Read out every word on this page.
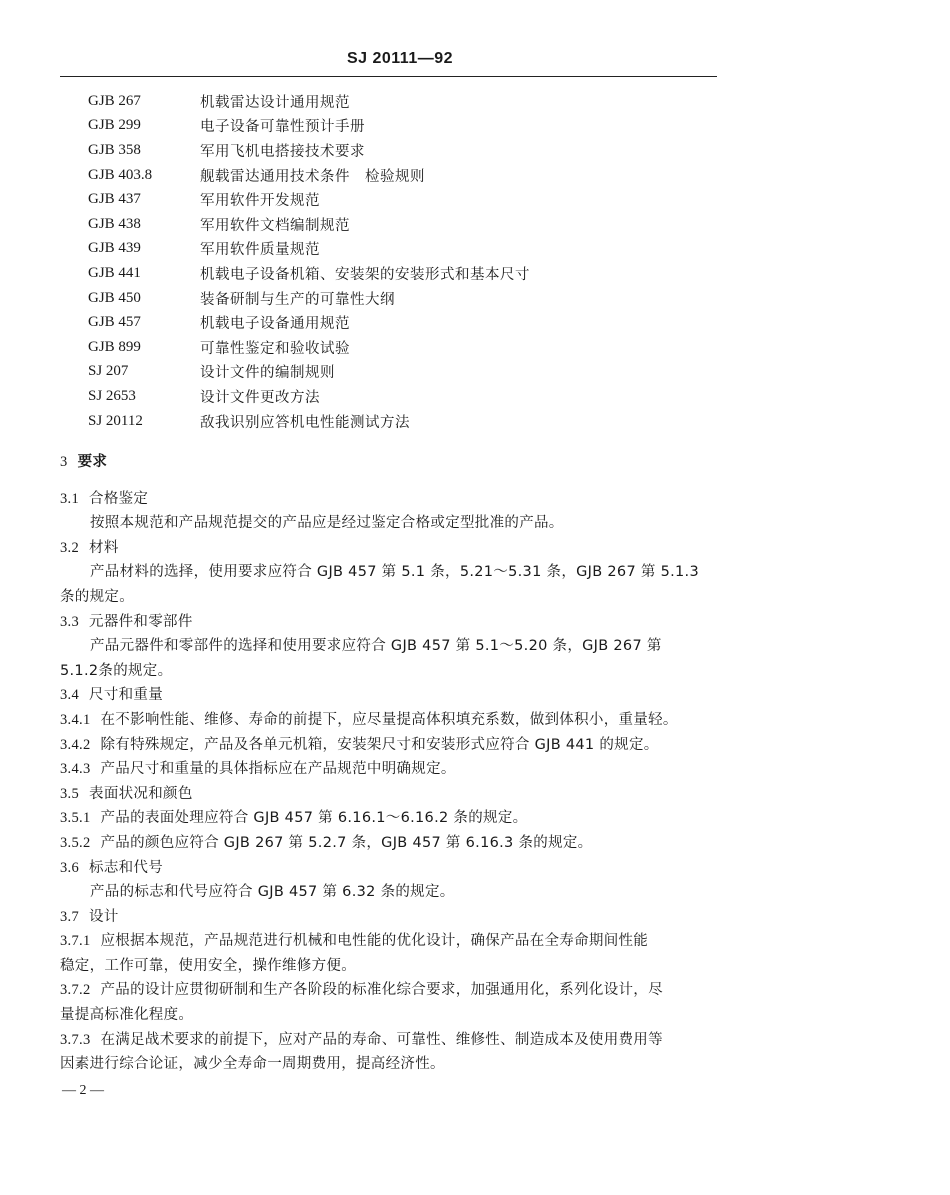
SJ 20111—92
GJB 267	机载雷达设计通用规范
GJB 299	电子设备可靠性预计手册
GJB 358	军用飞机电搭接技术要求
GJB 403.8	舰载雷达通用技术条件　检验规则
GJB 437	军用软件开发规范
GJB 438	军用软件文档编制规范
GJB 439	军用软件质量规范
GJB 441	机载电子设备机箱、安装架的安装形式和基本尺寸
GJB 450	装备研制与生产的可靠性大纲
GJB 457	机载电子设备通用规范
GJB 899	可靠性鉴定和验收试验
SJ 207	设计文件的编制规则
SJ 2653	设计文件更改方法
SJ 20112	敌我识别应答机电性能测试方法
3 要求
3.1 合格鉴定
按照本规范和产品规范提交的产品应是经过鉴定合格或定型批准的产品。
3.2 材料
产品材料的选择，使用要求应符合 GJB 457 第 5.1 条，5.21～5.31 条，GJB 267 第 5.1.3
条的规定。
3.3 元器件和零部件
产品元器件和零部件的选择和使用要求应符合 GJB 457 第 5.1～5.20 条，GJB 267 第
5.1.2条的规定。
3.4 尺寸和重量
3.4.1 在不影响性能、维修、寿命的前提下，应尽量提高体积填充系数，做到体积小，重量轻。
3.4.2 除有特殊规定，产品及各单元机箱，安装架尺寸和安装形式应符合 GJB 441 的规定。
3.4.3 产品尺寸和重量的具体指标应在产品规范中明确规定。
3.5 表面状况和颜色
3.5.1 产品的表面处理应符合 GJB 457 第 6.16.1～6.16.2 条的规定。
3.5.2 产品的颜色应符合 GJB 267 第 5.2.7 条，GJB 457 第 6.16.3 条的规定。
3.6 标志和代号
产品的标志和代号应符合 GJB 457 第 6.32 条的规定。
3.7 设计
3.7.1 应根据本规范，产品规范进行机械和电性能的优化设计，确保产品在全寿命期间性能
稳定，工作可靠，使用安全，操作维修方便。
3.7.2 产品的设计应贯彻研制和生产各阶段的标准化综合要求，加强通用化，系列化设计，尽
量提高标准化程度。
3.7.3 在满足战术要求的前提下，应对产品的寿命、可靠性、维修性、制造成本及使用费用等
因素进行综合论证，减少全寿命一周期费用，提高经济性。
— 2 —
